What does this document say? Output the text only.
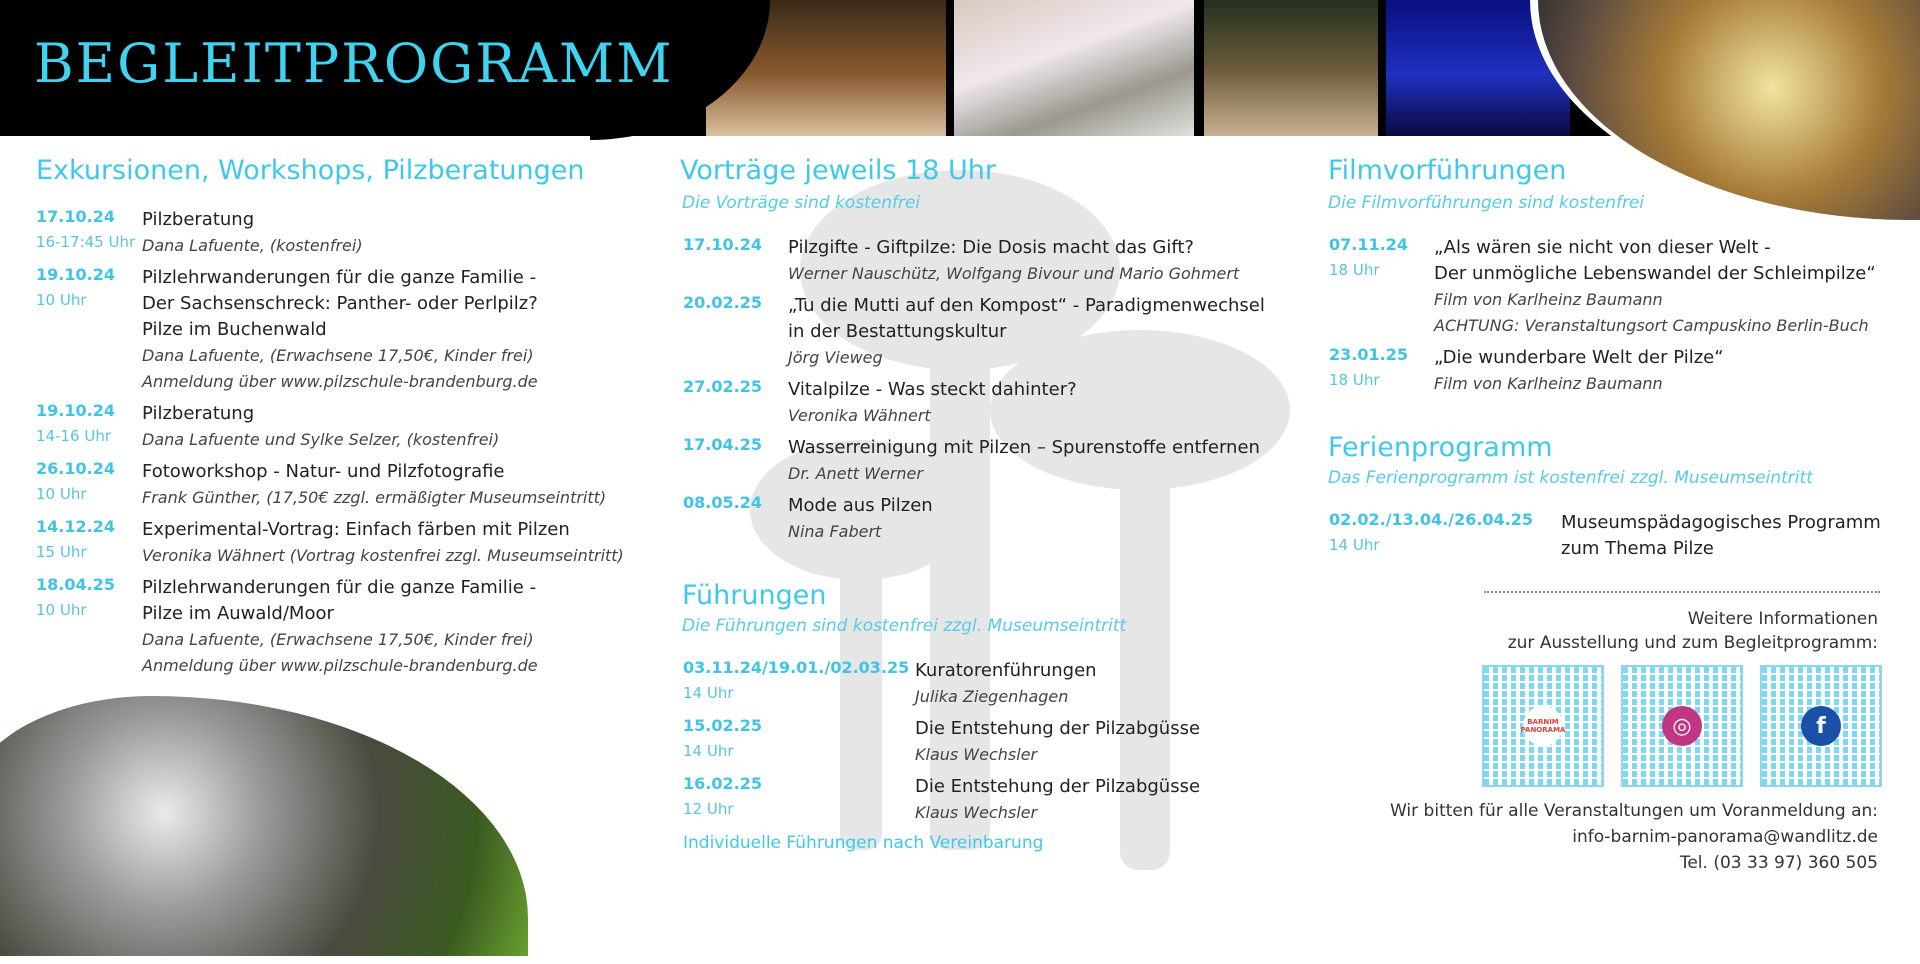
BEGLEITPROGRAMM
Exkursionen, Workshops, Pilzberatungen
17.10.24
16-17:45 Uhr
Pilzberatung
Dana Lafuente, (kostenfrei)
19.10.24
10 Uhr
Pilzlehrwanderungen für die ganze Familie -
Der Sachsenschreck: Panther- oder Perlpilz?
Pilze im Buchenwald
Dana Lafuente, (Erwachsene 17,50€, Kinder frei)
Anmeldung über www.pilzschule-brandenburg.de
19.10.24
14-16 Uhr
Pilzberatung
Dana Lafuente und Sylke Selzer, (kostenfrei)
26.10.24
10 Uhr
Fotoworkshop - Natur- und Pilzfotografie
Frank Günther, (17,50€ zzgl. ermäßigter Museumseintritt)
14.12.24
15 Uhr
Experimental-Vortrag: Einfach färben mit Pilzen
Veronika Wähnert (Vortrag kostenfrei zzgl. Museumseintritt)
18.04.25
10 Uhr
Pilzlehrwanderungen für die ganze Familie -
Pilze im Auwald/Moor
Dana Lafuente, (Erwachsene 17,50€, Kinder frei)
Anmeldung über www.pilzschule-brandenburg.de
Vorträge jeweils 18 Uhr
Die Vorträge sind kostenfrei
17.10.24 Pilzgifte - Giftpilze: Die Dosis macht das Gift?
Werner Nauschütz, Wolfgang Bivour und Mario Gohmert
20.02.25 „Tu die Mutti auf den Kompost“ - Paradigmenwechsel
in der Bestattungskultur
Jörg Vieweg
27.02.25 Vitalpilze - Was steckt dahinter?
Veronika Wähnert
17.04.25 Wasserreinigung mit Pilzen – Spurenstoffe entfernen
Dr. Anett Werner
08.05.24 Mode aus Pilzen
Nina Fabert
Führungen
Die Führungen sind kostenfrei zzgl. Museumseintritt
03.11.24/19.01./02.03.25
14 Uhr
Kuratorenführungen
Julika Ziegenhagen
15.02.25
14 Uhr
Die Entstehung der Pilzabgüsse
Klaus Wechsler
16.02.25
12 Uhr
Die Entstehung der Pilzabgüsse
Klaus Wechsler
Individuelle Führungen nach Vereinbarung
Filmvorführungen
Die Filmvorführungen sind kostenfrei
07.11.24
18 Uhr
„Als wären sie nicht von dieser Welt -
Der unmögliche Lebenswandel der Schleimpilze“
Film von Karlheinz Baumann
ACHTUNG: Veranstaltungsort Campuskino Berlin-Buch
23.01.25
18 Uhr
„Die wunderbare Welt der Pilze“
Film von Karlheinz Baumann
Ferienprogramm
Das Ferienprogramm ist kostenfrei zzgl. Museumseintritt
02.02./13.04./26.04.25
14 Uhr
Museumspädagogisches Programm
zum Thema Pilze
Weitere Informationen
zur Ausstellung und zum Begleitprogramm:
BARNIM PANORAMA	◎	f
Wir bitten für alle Veranstaltungen um Voranmeldung an:
info-barnim-panorama@wandlitz.de
Tel. (03 33 97) 360 505
